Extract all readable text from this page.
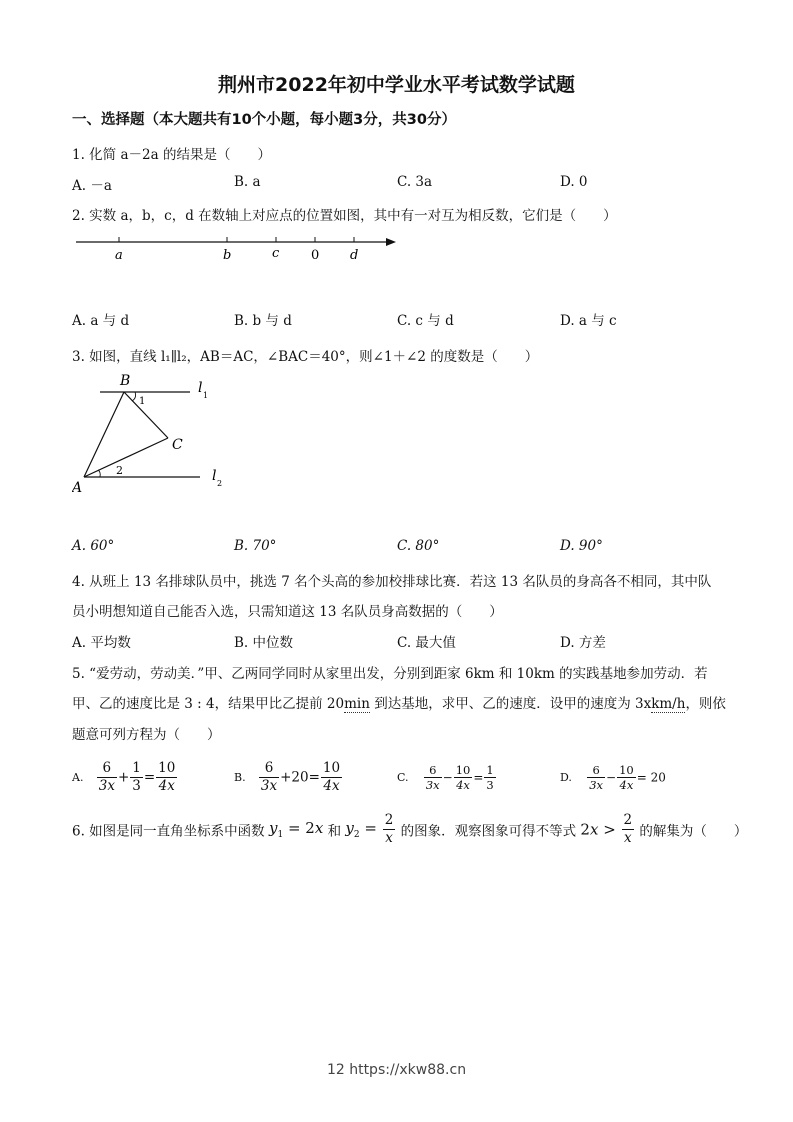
荆州市2022年初中学业水平考试数学试题
一、选择题（本大题共有10个小题，每小题3分，共30分）
1. 化简 a－2a 的结果是（　　）
A. －a	B. a	C. 3a	D. 0
2. 实数 a，b，c，d 在数轴上对应点的位置如图，其中有一对互为相反数，它们是（　　）
a	b	c 0 d
A. a 与 d	B. b 与 d	C. c 与 d	D. a 与 c
3. 如图，直线 l₁∥l₂，AB＝AC，∠BAC＝40°，则∠1＋∠2 的度数是（　　）
B
C
A
l 1
l 2
1
2
A. 60°	B. 70°	C. 80°	D. 90°
4. 从班上 13 名排球队员中，挑选 7 名个头高的参加校排球比赛．若这 13 名队员的身高各不相同，其中队
员小明想知道自己能否入选，只需知道这 13 名队员身高数据的（　　）
A. 平均数	B. 中位数	C. 最大值	D. 方差
5. “爱劳动，劳动美．”甲、乙两同学同时从家里出发，分别到距家 6km 和 10km 的实践基地参加劳动．若
甲、乙的速度比是 3 : 4，结果甲比乙提前 20min 到达基地，求甲、乙的速度．设甲的速度为 3xkm/h，则依
题意可列方程为（　　）
A. $\frac{6}{3x} + \frac{1}{3} = \frac{10}{4x}$	B. $\frac{6}{3x} +20= \frac{10}{4x}$	C. $\frac{6}{3x} - \frac{10}{4x} = \frac{1}{3}$	D. $\frac{6}{3x} - \frac{10}{4x} = 20$
6. 如图是同一直角坐标系中函数 $y_1 = 2x$ 和 $y_2 = \frac{2}{x}$ 的图象．观察图象可得不等式 $2x > \frac{2}{x}$ 的解集为（　　）
12 https://xkw88.cn
